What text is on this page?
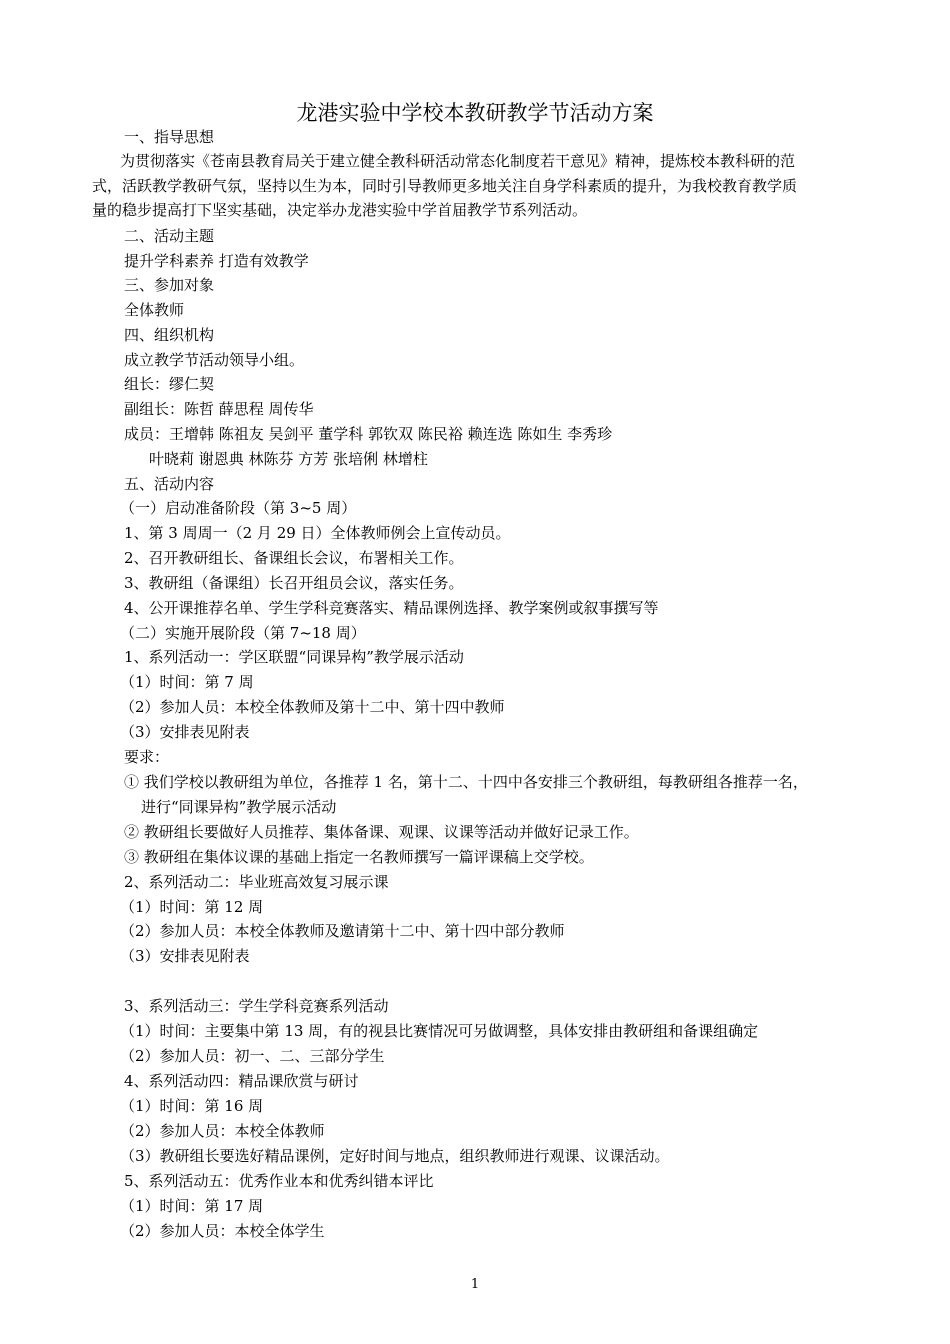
龙港实验中学校本教研教学节活动方案

一、指导思想

为贯彻落实《苍南县教育局关于建立健全教科研活动常态化制度若干意见》精神，提炼校本教科研的范
式，活跃教学教研气氛，坚持以生为本，同时引导教师更多地关注自身学科素质的提升，为我校教育教学质
量的稳步提高打下坚实基础，决定举办龙港实验中学首届教学节系列活动。

二、活动主题

提升学科素养 打造有效教学

三、参加对象

全体教师

四、组织机构

成立教学节活动领导小组。

组长：缪仁契

副组长：陈哲 薛思程 周传华

成员：王增韩 陈祖友 吴剑平 董学科 郭钦双 陈民裕 赖连选 陈如生 李秀珍

叶晓莉 谢恩典 林陈芬 方芳 张培俐 林增柱

五、活动内容

（一）启动准备阶段（第 3~5 周）

1、第 3 周周一（2 月 29 日）全体教师例会上宣传动员。

2、召开教研组长、备课组长会议，布署相关工作。

3、教研组（备课组）长召开组员会议，落实任务。

4、公开课推荐名单、学生学科竞赛落实、精品课例选择、教学案例或叙事撰写等

（二）实施开展阶段（第 7~18 周）

1、系列活动一：学区联盟“同课异构”教学展示活动

（1）时间：第 7 周

（2）参加人员：本校全体教师及第十二中、第十四中教师

（3）安排表见附表

要求：

① 我们学校以教研组为单位，各推荐 1 名，第十二、十四中各安排三个教研组，每教研组各推荐一名，

进行“同课异构”教学展示活动

② 教研组长要做好人员推荐、集体备课、观课、议课等活动并做好记录工作。

③ 教研组在集体议课的基础上指定一名教师撰写一篇评课稿上交学校。

2、系列活动二：毕业班高效复习展示课

（1）时间：第 12 周

（2）参加人员：本校全体教师及邀请第十二中、第十四中部分教师

（3）安排表见附表

3、系列活动三：学生学科竞赛系列活动

（1）时间：主要集中第 13 周，有的视县比赛情况可另做调整，具体安排由教研组和备课组确定

（2）参加人员：初一、二、三部分学生

4、系列活动四：精品课欣赏与研讨

（1）时间：第 16 周

（2）参加人员：本校全体教师

（3）教研组长要选好精品课例，定好时间与地点，组织教师进行观课、议课活动。

5、系列活动五：优秀作业本和优秀纠错本评比

（1）时间：第 17 周

（2）参加人员：本校全体学生

1
